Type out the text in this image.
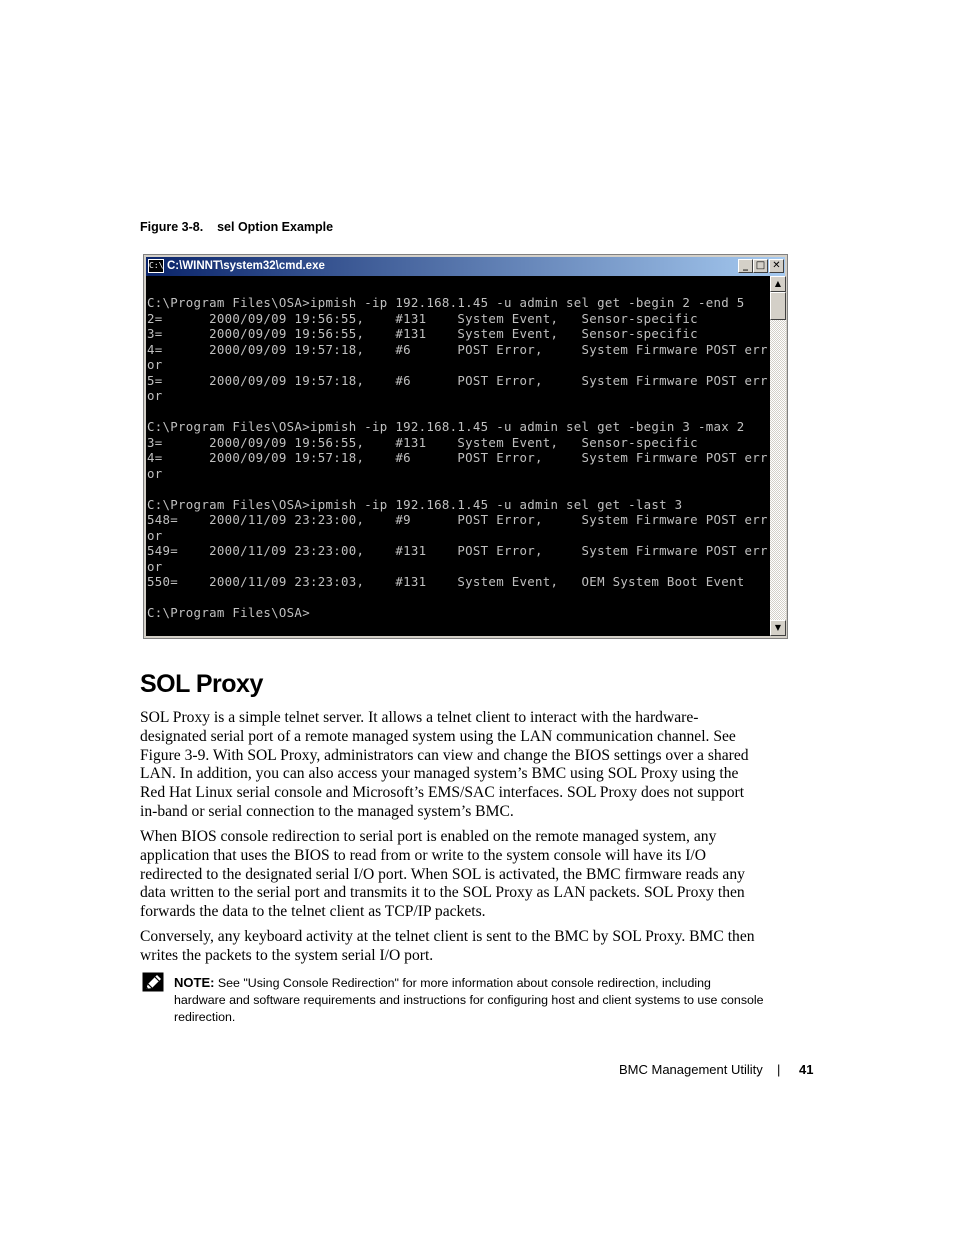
Figure 3-8.    sel Option Example
C:\ C:\WINNT\system32\cmd.exe	_ □ ✕
C:\Program Files\OSA>ipmish -ip 192.168.1.45 -u admin sel get -begin 2 -end 5
2=      2000/09/09 19:56:55,    #131    System Event,   Sensor-specific
3=      2000/09/09 19:56:55,    #131    System Event,   Sensor-specific
4=      2000/09/09 19:57:18,    #6      POST Error,     System Firmware POST err
or
5=      2000/09/09 19:57:18,    #6      POST Error,     System Firmware POST err
or

C:\Program Files\OSA>ipmish -ip 192.168.1.45 -u admin sel get -begin 3 -max 2
3=      2000/09/09 19:56:55,    #131    System Event,   Sensor-specific
4=      2000/09/09 19:57:18,    #6      POST Error,     System Firmware POST err
or

C:\Program Files\OSA>ipmish -ip 192.168.1.45 -u admin sel get -last 3
548=    2000/11/09 23:23:00,    #9      POST Error,     System Firmware POST err
or
549=    2000/11/09 23:23:00,    #131    POST Error,     System Firmware POST err
or
550=    2000/11/09 23:23:03,    #131    System Event,   OEM System Boot Event

C:\Program Files\OSA>
▲
▼
SOL Proxy

SOL Proxy is a simple telnet server. It allows a telnet client to interact with the hardware-designated serial port of a remote managed system using the LAN communication channel. See Figure 3-9. With SOL Proxy, administrators can view and change the BIOS settings over a shared LAN. In addition, you can also access your managed system’s BMC using SOL Proxy using the Red Hat Linux serial console and Microsoft’s EMS/SAC interfaces. SOL Proxy does not support in-band or serial connection to the managed system’s BMC.

When BIOS console redirection to serial port is enabled on the remote managed system, any application that uses the BIOS to read from or write to the system console will have its I/O redirected to the designated serial I/O port. When SOL is activated, the BMC firmware reads any data written to the serial port and transmits it to the SOL Proxy as LAN packets. SOL Proxy then forwards the data to the telnet client as TCP/IP packets.

Conversely, any keyboard activity at the telnet client is sent to the BMC by SOL Proxy. BMC then writes the packets to the system serial I/O port.

NOTE: See "Using Console Redirection" for more information about console redirection, including hardware and software requirements and instructions for configuring host and client systems to use console redirection.

BMC Management Utility | 41
